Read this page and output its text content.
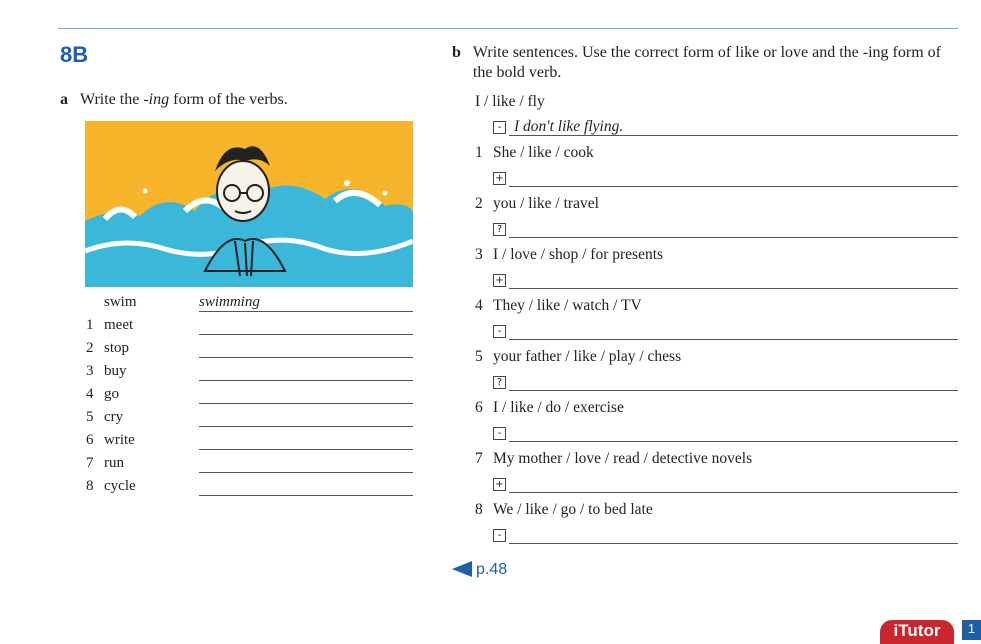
8B
a Write the -ing form of the verbs.
swim	swimming
1 meet
2 stop
3 buy
4 go
5 cry
6 write
7 run
8 cycle
b Write sentences. Use the correct form of like or love and the -ing form of the bold verb.
I / like / fly
- I don't like flying.
1 She / like / cook
+
2 you / like / travel
?
3 I / love / shop / for presents
+
4 They / like / watch / TV
-
5 your father / like / play / chess
?
6 I / like / do / exercise
-
7 My mother / love / read / detective novels
+
8 We / like / go / to bed late
-
p.48
iTutor	1
